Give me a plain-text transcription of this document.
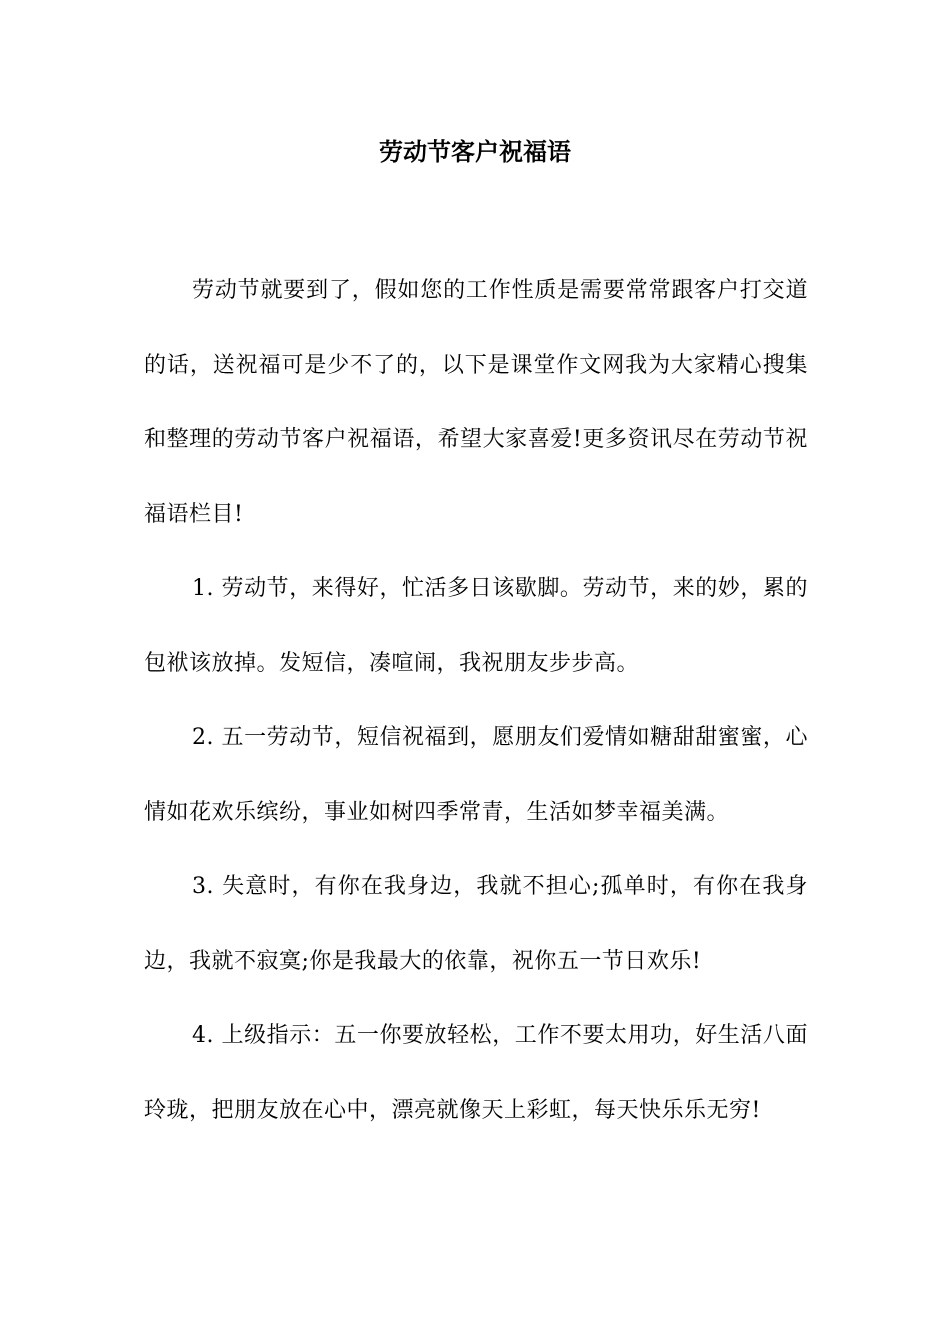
劳动节客户祝福语

劳动节就要到了，假如您的工作性质是需要常常跟客户打交道的话，送祝福可是少不了的，以下是课堂作文网我为大家精心搜集和整理的劳动节客户祝福语，希望大家喜爱!更多资讯尽在劳动节祝福语栏目!

1. 劳动节，来得好，忙活多日该歇脚。劳动节，来的妙，累的包袱该放掉。发短信，凑喧闹，我祝朋友步步高。

2. 五一劳动节，短信祝福到，愿朋友们爱情如糖甜甜蜜蜜，心情如花欢乐缤纷，事业如树四季常青，生活如梦幸福美满。

3. 失意时，有你在我身边，我就不担心;孤单时，有你在我身边，我就不寂寞;你是我最大的依靠，祝你五一节日欢乐!

4. 上级指示：五一你要放轻松，工作不要太用功，好生活八面玲珑，把朋友放在心中，漂亮就像天上彩虹，每天快乐乐无穷!
